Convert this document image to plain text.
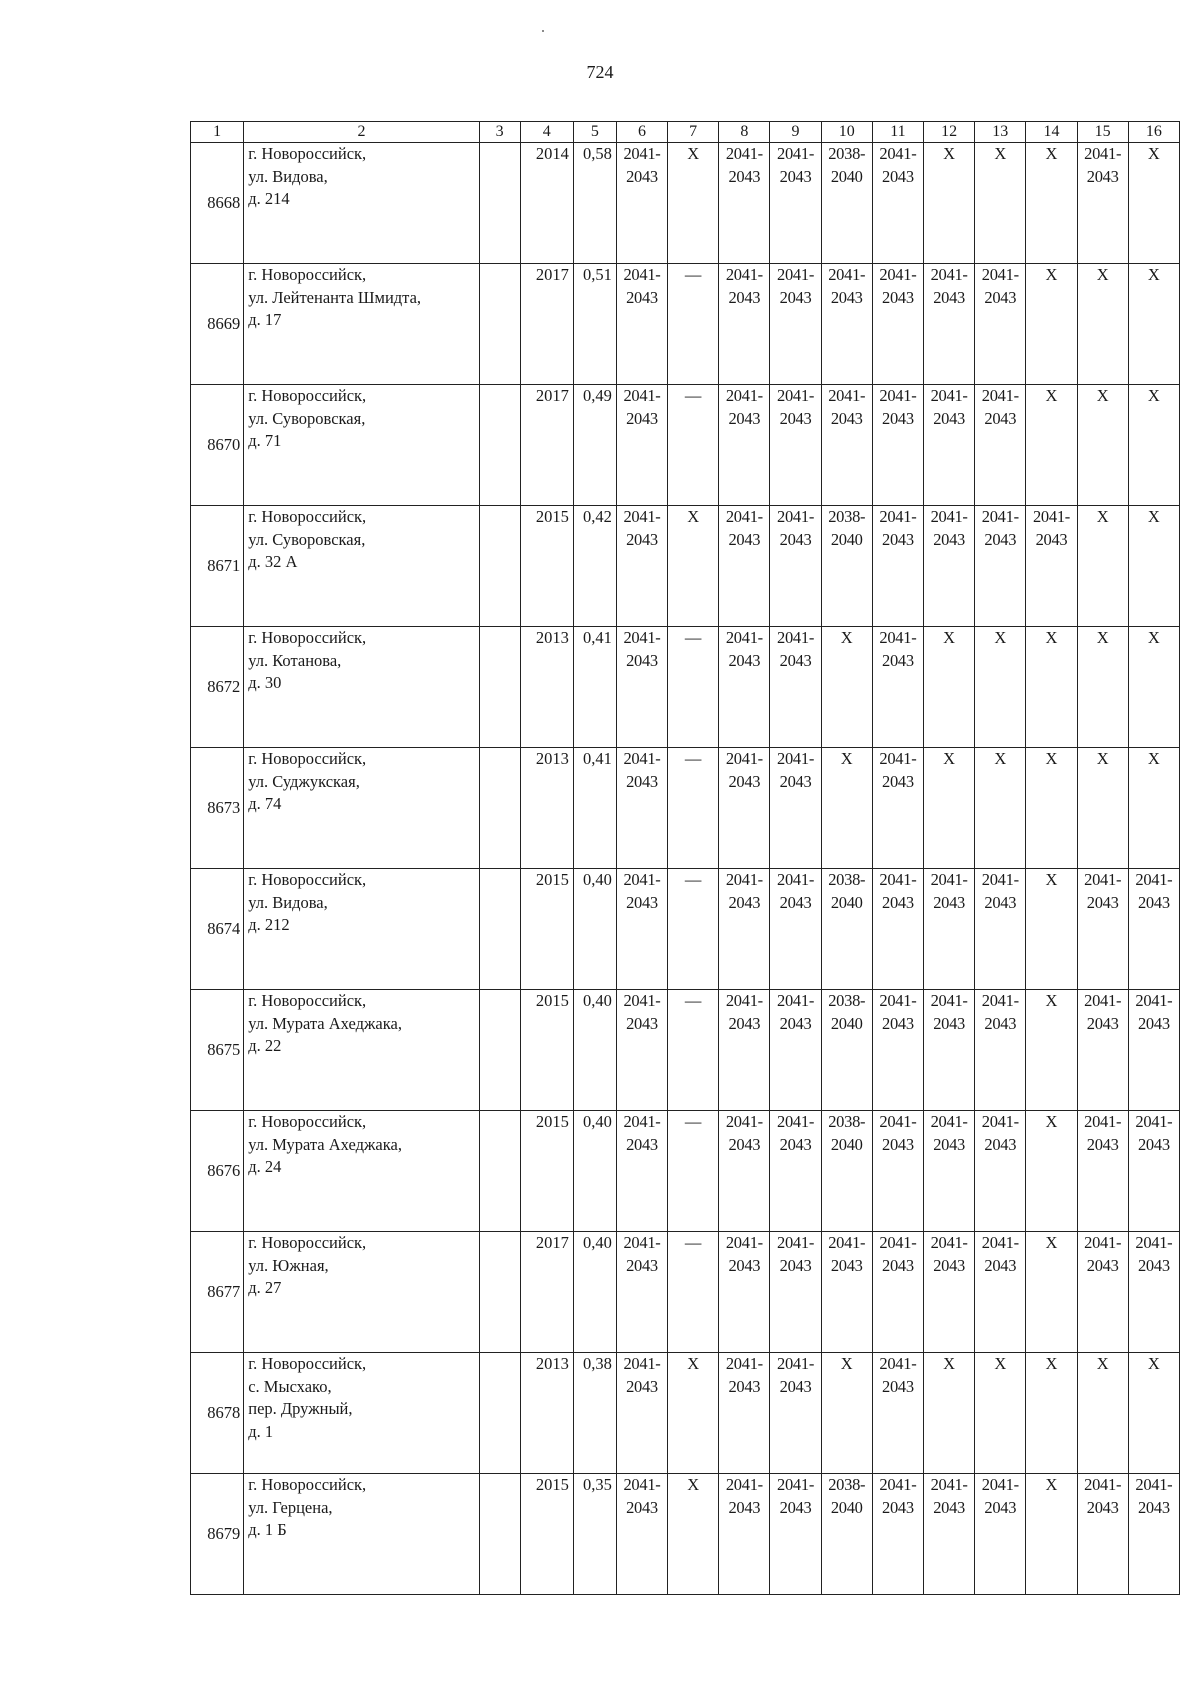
724
1	2	3	4	5	6	7	8	9	10	11	12	13	14	15	16
8668	г. Новороссийск,
ул. Видова,
д. 214		2014	0,58	2041-
2043	X	2041-
2043	2041-
2043	2038-
2040	2041-
2043	X	X	X	2041-
2043	X
8669	г. Новороссийск,
ул. Лейтенанта Шмидта,
д. 17		2017	0,51	2041-
2043	—	2041-
2043	2041-
2043	2041-
2043	2041-
2043	2041-
2043	2041-
2043	X	X	X
8670	г. Новороссийск,
ул. Суворовская,
д. 71		2017	0,49	2041-
2043	—	2041-
2043	2041-
2043	2041-
2043	2041-
2043	2041-
2043	2041-
2043	X	X	X
8671	г. Новороссийск,
ул. Суворовская,
д. 32 А		2015	0,42	2041-
2043	X	2041-
2043	2041-
2043	2038-
2040	2041-
2043	2041-
2043	2041-
2043	2041-
2043	X	X
8672	г. Новороссийск,
ул. Котанова,
д. 30		2013	0,41	2041-
2043	—	2041-
2043	2041-
2043	X	2041-
2043	X	X	X	X	X
8673	г. Новороссийск,
ул. Суджукская,
д. 74		2013	0,41	2041-
2043	—	2041-
2043	2041-
2043	X	2041-
2043	X	X	X	X	X
8674	г. Новороссийск,
ул. Видова,
д. 212		2015	0,40	2041-
2043	—	2041-
2043	2041-
2043	2038-
2040	2041-
2043	2041-
2043	2041-
2043	X	2041-
2043	2041-
2043

8675	г. Новороссийск,
ул. Мурата Ахеджака,
д. 22		2015	0,40	2041-
2043	—	2041-
2043	2041-
2043	2038-
2040	2041-
2043	2041-
2043	2041-
2043	X	2041-
2043	2041-
2043

8676	г. Новороссийск,
ул. Мурата Ахеджака,
д. 24		2015	0,40	2041-
2043	—	2041-
2043	2041-
2043	2038-
2040	2041-
2043	2041-
2043	2041-
2043	X	2041-
2043	2041-
2043

8677	г. Новороссийск,
ул. Южная,
д. 27		2017	0,40	2041-
2043	—	2041-
2043	2041-
2043	2041-
2043	2041-
2043	2041-
2043	2041-
2043	X	2041-
2043	2041-
2043

8678	г. Новороссийск,
с. Мысхако,
пер. Дружный,
д. 1		2013	0,38	2041-
2043	X	2041-
2043	2041-
2043	X	2041-
2043	X	X	X	X	X
8679	г. Новороссийск,
ул. Герцена,
д. 1 Б		2015	0,35	2041-
2043	X	2041-
2043	2041-
2043	2038-
2040	2041-
2043	2041-
2043	2041-
2043	X	2041-
2043	2041-
2043
